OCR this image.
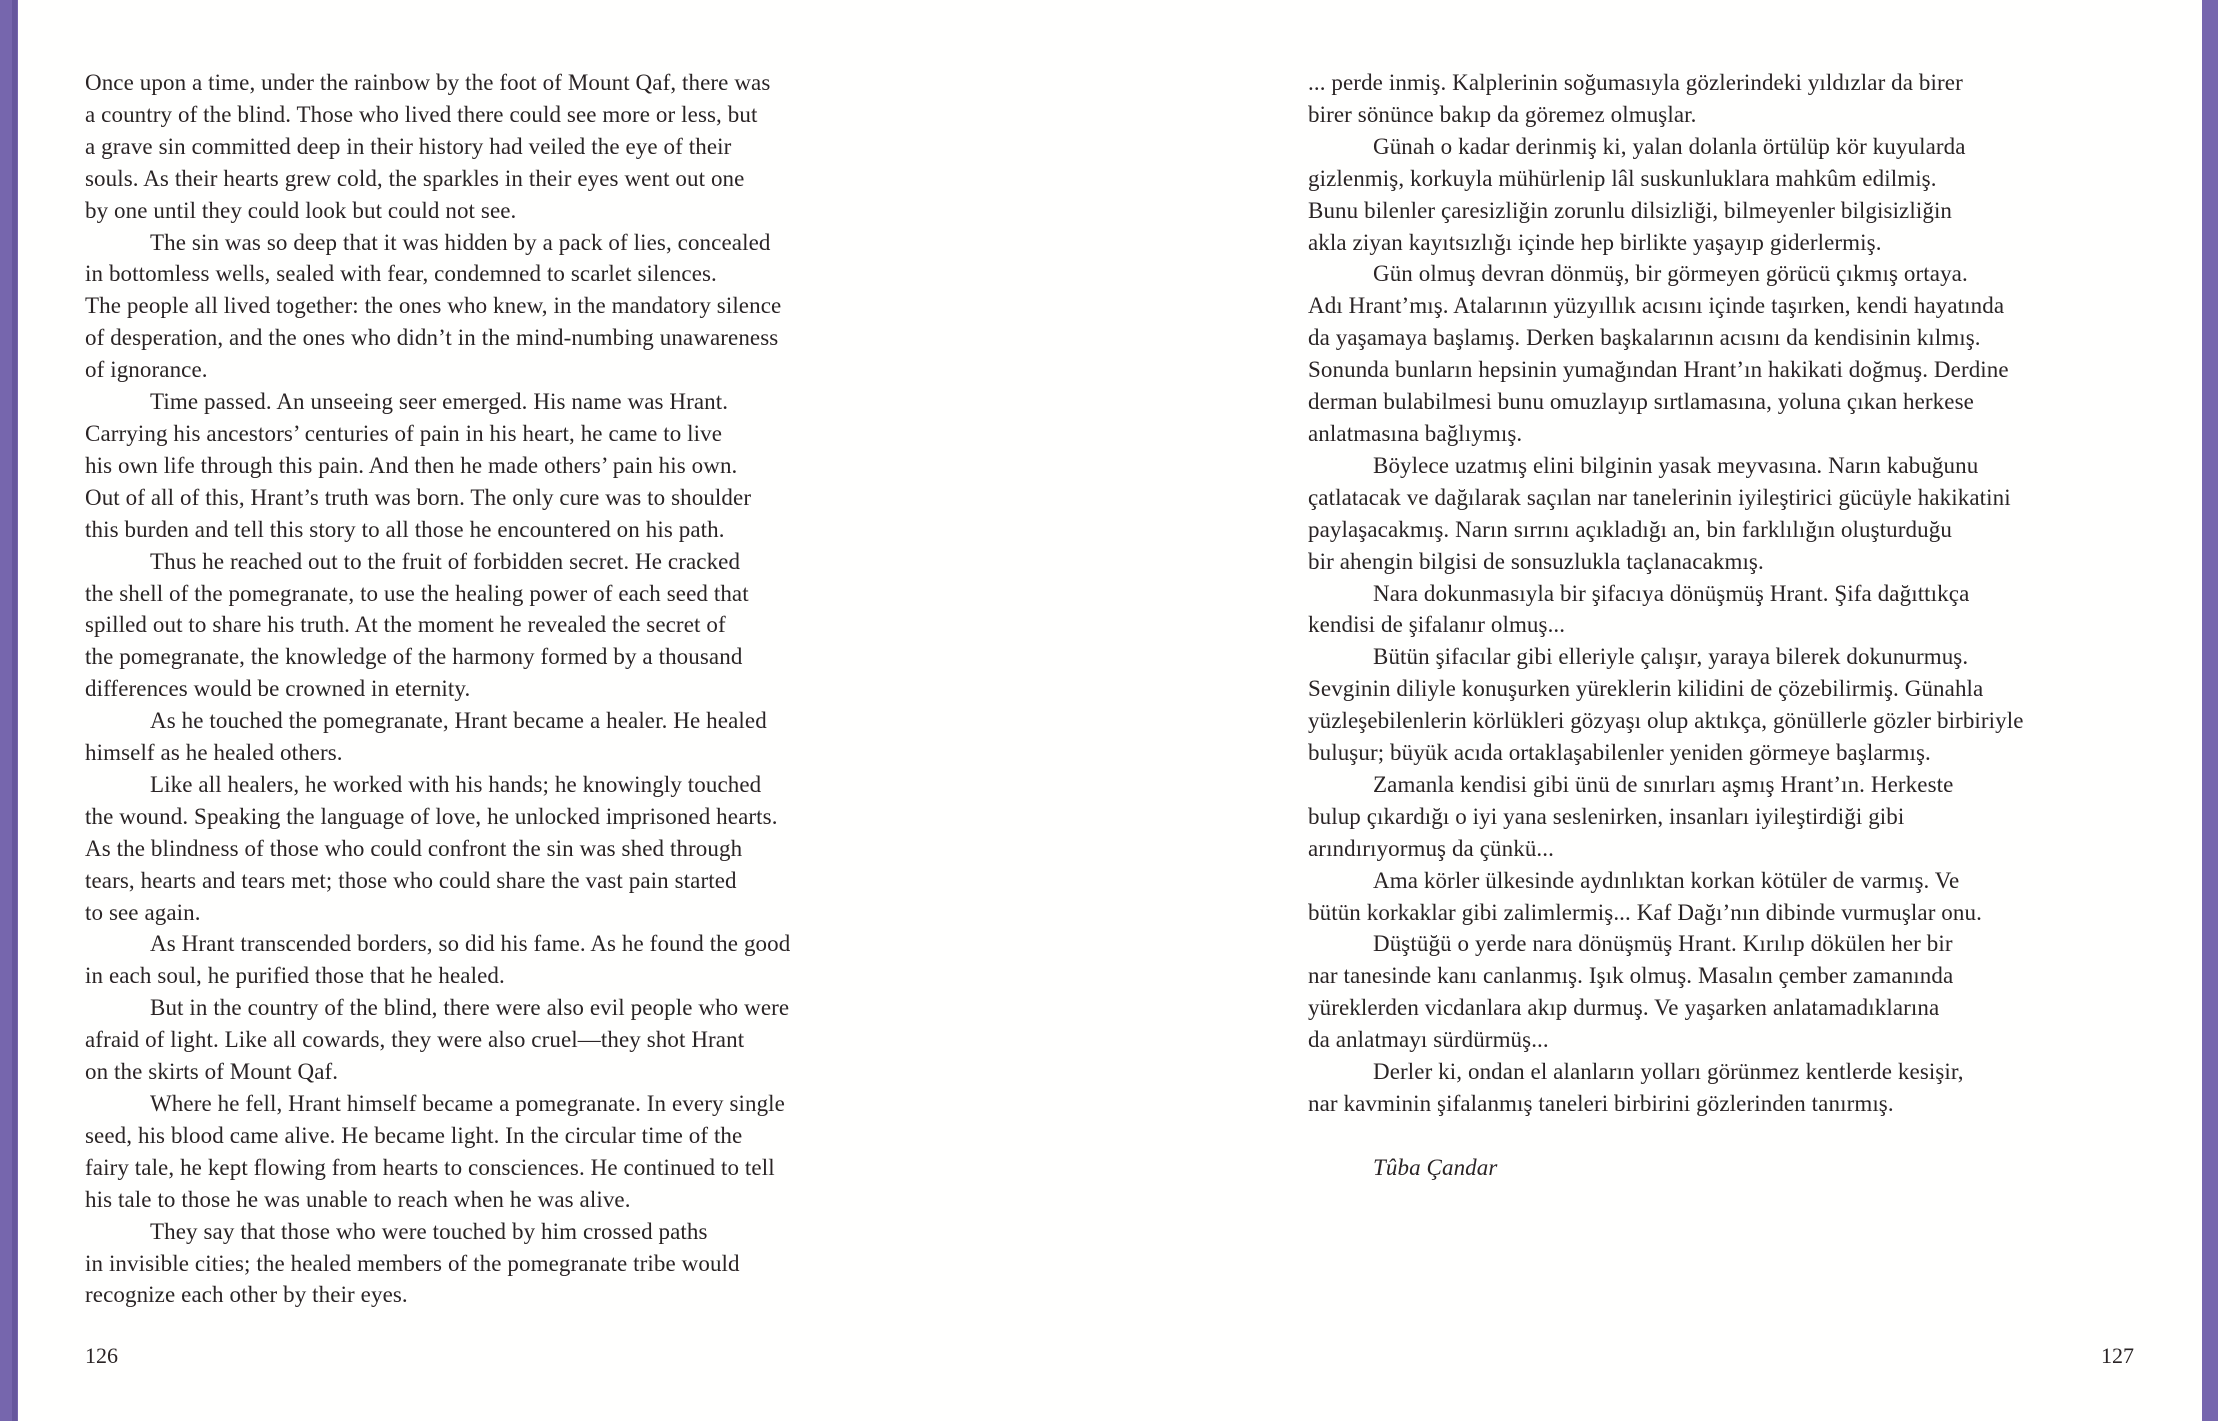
Once upon a time, under the rainbow by the foot of Mount Qaf, there was
a country of the blind. Those who lived there could see more or less, but
a grave sin committed deep in their history had veiled the eye of their
souls. As their hearts grew cold, the sparkles in their eyes went out one
by one until they could look but could not see.

The sin was so deep that it was hidden by a pack of lies, concealed
in bottomless wells, sealed with fear, condemned to scarlet silences.
The people all lived together: the ones who knew, in the mandatory silence
of desperation, and the ones who didn’t in the mind-numbing unawareness
of ignorance.

Time passed. An unseeing seer emerged. His name was Hrant.
Carrying his ancestors’ centuries of pain in his heart, he came to live
his own life through this pain. And then he made others’ pain his own.
Out of all of this, Hrant’s truth was born. The only cure was to shoulder
this burden and tell this story to all those he encountered on his path.

Thus he reached out to the fruit of forbidden secret. He cracked
the shell of the pomegranate, to use the healing power of each seed that
spilled out to share his truth. At the moment he revealed the secret of
the pomegranate, the knowledge of the harmony formed by a thousand
differences would be crowned in eternity.

As he touched the pomegranate, Hrant became a healer. He healed
himself as he healed others.

Like all healers, he worked with his hands; he knowingly touched
the wound. Speaking the language of love, he unlocked imprisoned hearts.
As the blindness of those who could confront the sin was shed through
tears, hearts and tears met; those who could share the vast pain started
to see again.

As Hrant transcended borders, so did his fame. As he found the good
in each soul, he purified those that he healed.

But in the country of the blind, there were also evil people who were
afraid of light. Like all cowards, they were also cruel—they shot Hrant
on the skirts of Mount Qaf.

Where he fell, Hrant himself became a pomegranate. In every single
seed, his blood came alive. He became light. In the circular time of the
fairy tale, he kept flowing from hearts to consciences. He continued to tell
his tale to those he was unable to reach when he was alive.

They say that those who were touched by him crossed paths
in invisible cities; the healed members of the pomegranate tribe would
recognize each other by their eyes.

126

... perde inmiş. Kalplerinin soğumasıyla gözlerindeki yıldızlar da birer
birer sönünce bakıp da göremez olmuşlar.

Günah o kadar derinmiş ki, yalan dolanla örtülüp kör kuyularda
gizlenmiş, korkuyla mühürlenip lâl suskunluklara mahkûm edilmiş.
Bunu bilenler çaresizliğin zorunlu dilsizliği, bilmeyenler bilgisizliğin
akla ziyan kayıtsızlığı içinde hep birlikte yaşayıp giderlermiş.

Gün olmuş devran dönmüş, bir görmeyen görücü çıkmış ortaya.
Adı Hrant’mış. Atalarının yüzyıllık acısını içinde taşırken, kendi hayatında
da yaşamaya başlamış. Derken başkalarının acısını da kendisinin kılmış.
Sonunda bunların hepsinin yumağından Hrant’ın hakikati doğmuş. Derdine
derman bulabilmesi bunu omuzlayıp sırtlamasına, yoluna çıkan herkese
anlatmasına bağlıymış.

Böylece uzatmış elini bilginin yasak meyvasına. Narın kabuğunu
çatlatacak ve dağılarak saçılan nar tanelerinin iyileştirici gücüyle hakikatini
paylaşacakmış. Narın sırrını açıkladığı an, bin farklılığın oluşturduğu
bir ahengin bilgisi de sonsuzlukla taçlanacakmış.

Nara dokunmasıyla bir şifacıya dönüşmüş Hrant. Şifa dağıttıkça
kendisi de şifalanır olmuş...

Bütün şifacılar gibi elleriyle çalışır, yaraya bilerek dokunurmuş.
Sevginin diliyle konuşurken yüreklerin kilidini de çözebilirmiş. Günahla
yüzleşebilenlerin körlükleri gözyaşı olup aktıkça, gönüllerle gözler birbiriyle
buluşur; büyük acıda ortaklaşabilenler yeniden görmeye başlarmış.

Zamanla kendisi gibi ünü de sınırları aşmış Hrant’ın. Herkeste
bulup çıkardığı o iyi yana seslenirken, insanları iyileştirdiği gibi
arındırıyormuş da çünkü...

Ama körler ülkesinde aydınlıktan korkan kötüler de varmış. Ve
bütün korkaklar gibi zalimlermiş... Kaf Dağı’nın dibinde vurmuşlar onu.

Düştüğü o yerde nara dönüşmüş Hrant. Kırılıp dökülen her bir
nar tanesinde kanı canlanmış. Işık olmuş. Masalın çember zamanında
yüreklerden vicdanlara akıp durmuş. Ve yaşarken anlatamadıklarına
da anlatmayı sürdürmüş...

Derler ki, ondan el alanların yolları görünmez kentlerde kesişir,
nar kavminin şifalanmış taneleri birbirini gözlerinden tanırmış.

Tûba Çandar
127
